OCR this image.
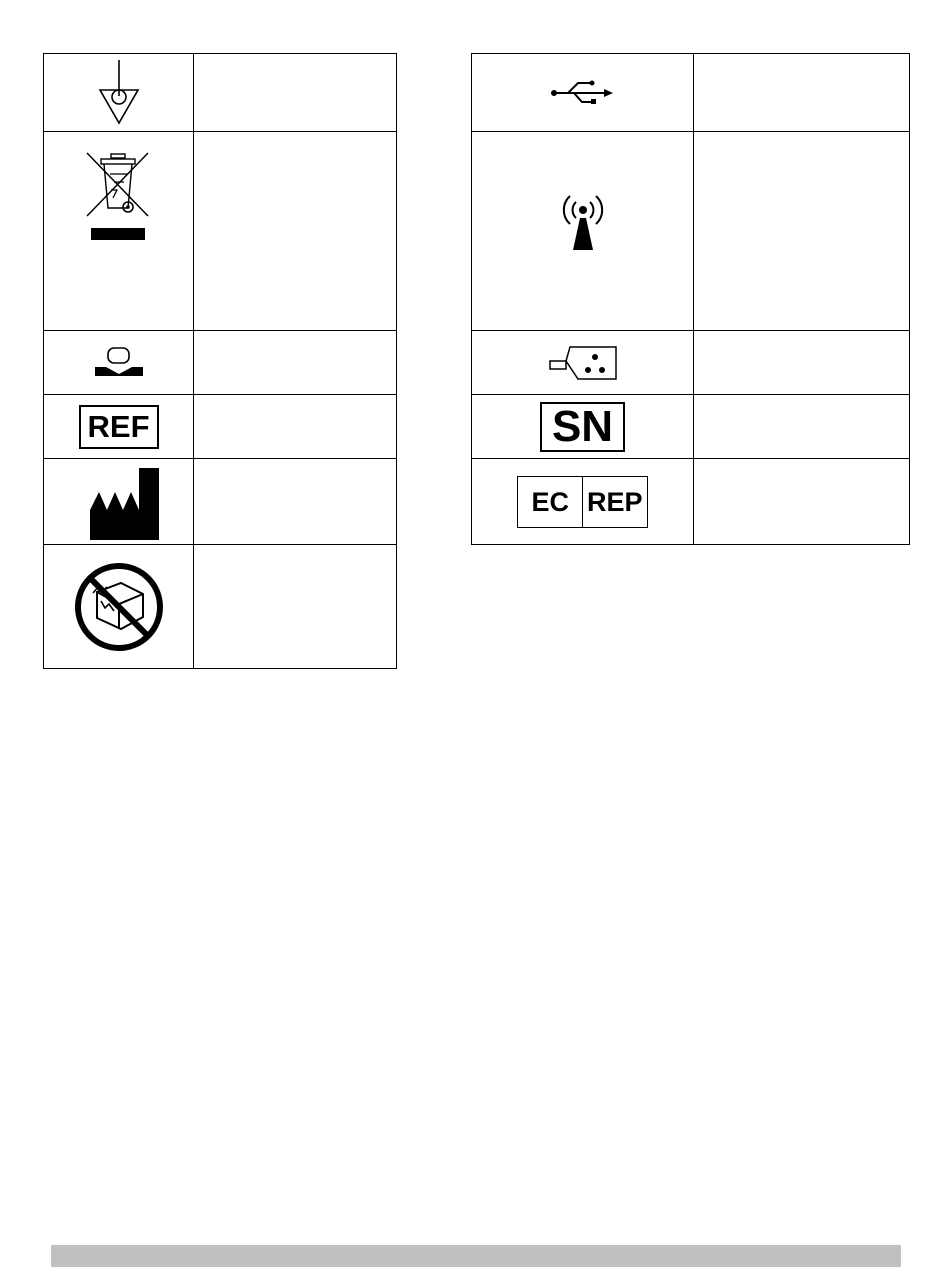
REF	

		SN	

EC REP	
